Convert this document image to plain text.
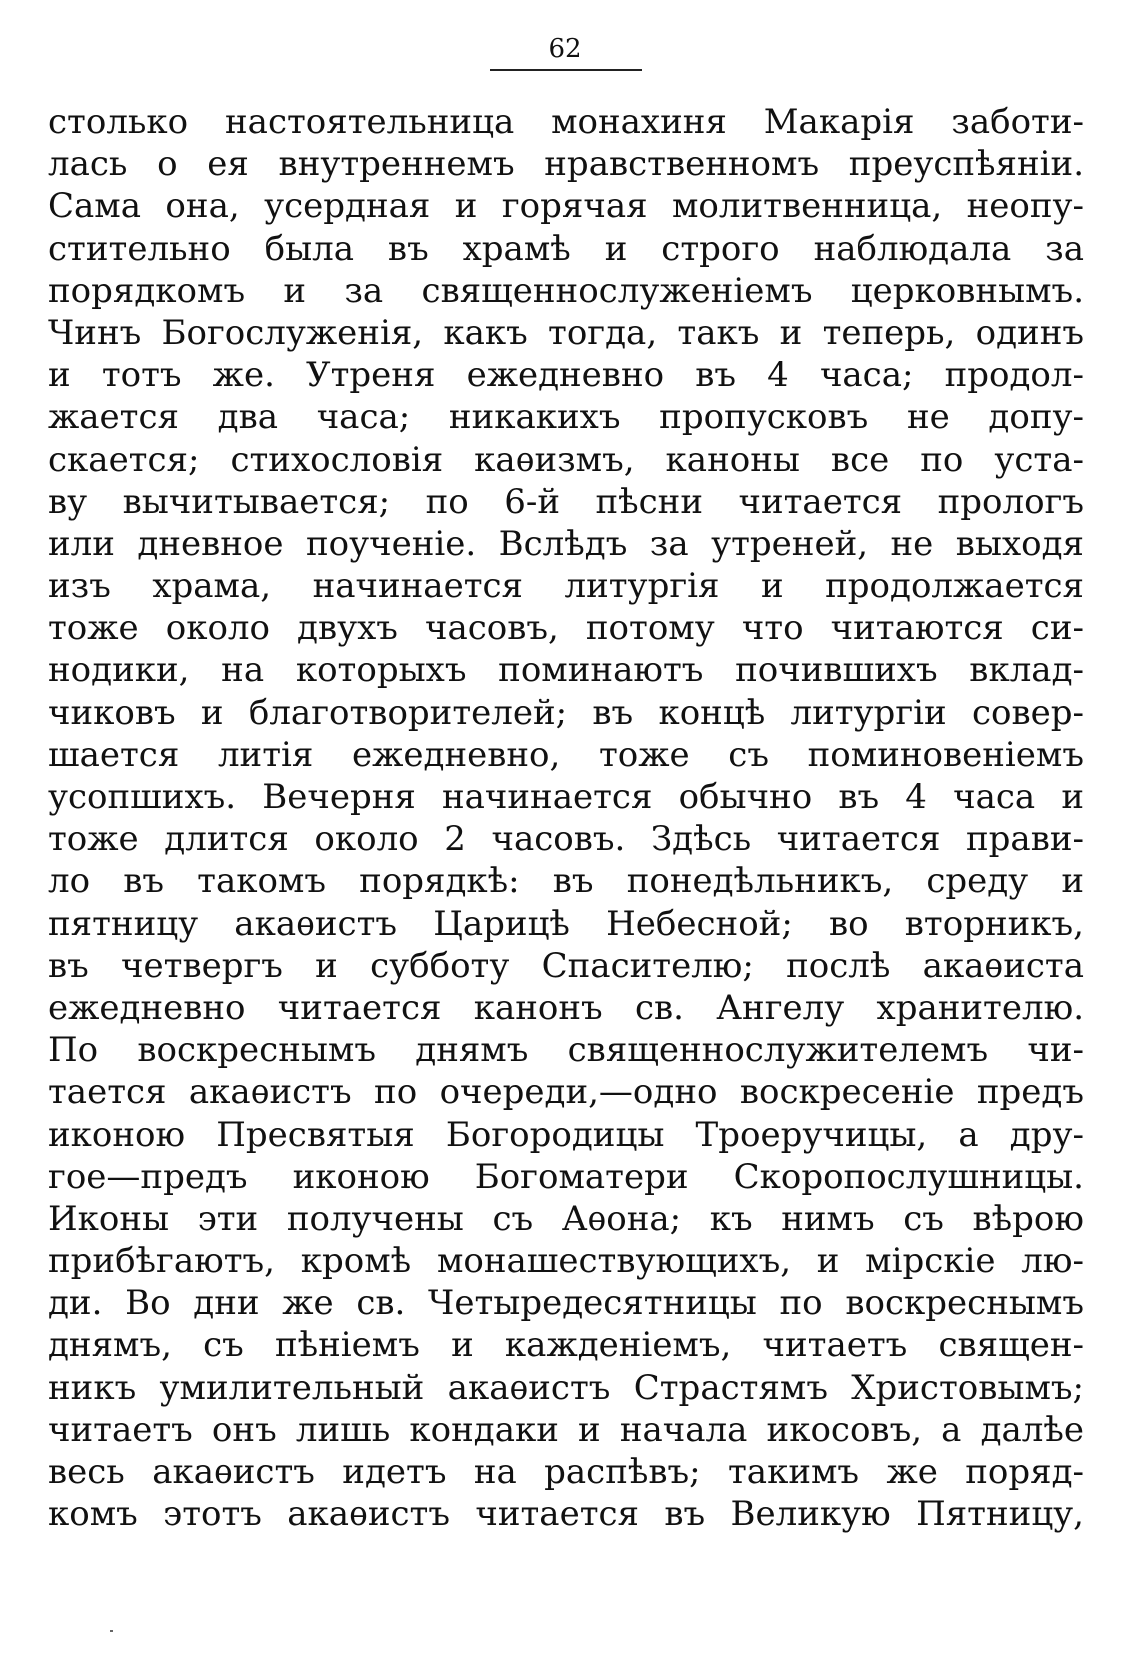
62
столько настоятельница монахиня Макарія заботи-
лась о ея внутреннемъ нравственномъ преуспѣяніи.
Сама она, усердная и горячая молитвенница, неопу-
стительно была въ храмѣ и строго наблюдала за
порядкомъ и за священнослуженіемъ церковнымъ.
Чинъ Богослуженія, какъ тогда, такъ и теперь, одинъ
и тотъ же. Утреня ежедневно въ 4 часа; продол-
жается два часа; никакихъ пропусковъ не допу-
скается; стихословія каѳизмъ, каноны все по уста-
ву вычитывается; по 6-й пѣсни читается прологъ
или дневное поученіе. Вслѣдъ за утреней, не выходя
изъ храма, начинается литургія и продолжается
тоже около двухъ часовъ, потому что читаются си-
нодики, на которыхъ поминаютъ почившихъ вклад-
чиковъ и благотворителей; въ концѣ литургіи совер-
шается литія ежедневно, тоже съ поминовеніемъ
усопшихъ. Вечерня начинается обычно въ 4 часа и
тоже длится около 2 часовъ. Здѣсь читается прави-
ло въ такомъ порядкѣ: въ понедѣльникъ, среду и
пятницу акаѳистъ Царицѣ Небесной; во вторникъ,
въ четвергъ и субботу Спасителю; послѣ акаѳиста
ежедневно читается канонъ св. Ангелу хранителю.
По воскреснымъ днямъ священнослужителемъ чи-
тается акаѳистъ по очереди,—одно воскресеніе предъ
иконою Пресвятыя Богородицы Троеручицы, а дру-
гое—предъ иконою Богоматери Скоропослушницы.
Иконы эти получены съ Аѳона; къ нимъ съ вѣрою
прибѣгаютъ, кромѣ монашествующихъ, и мірскіе лю-
ди. Во дни же св. Четыредесятницы по воскреснымъ
днямъ, съ пѣніемъ и кажденіемъ, читаетъ священ-
никъ умилительный акаѳистъ Страстямъ Христовымъ;
читаетъ онъ лишь кондаки и начала икосовъ, а далѣе
весь акаѳистъ идетъ на распѣвъ; такимъ же поряд-
комъ этотъ акаѳистъ читается въ Великую Пятницу,
